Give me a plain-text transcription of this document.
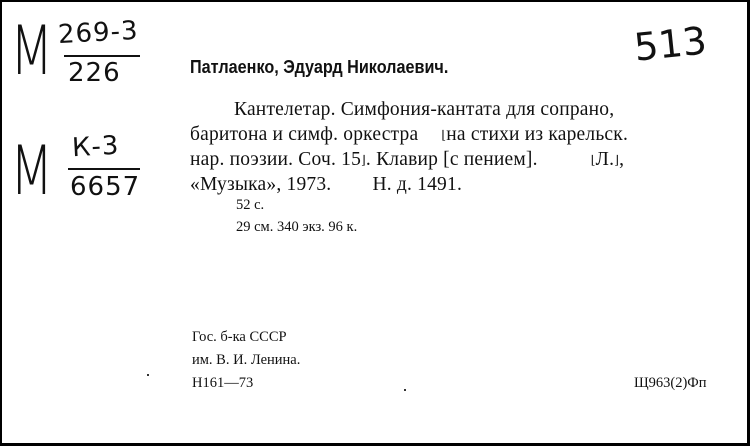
М 269-3
226
М К-3
6657
513
Патлаенко, Эдуард Николаевич.
Кантелетар. Симфония-кантата для сопрано,
баритона и симф. оркестра ⌊на стихи из карельск.
нар. поэзии. Соч. 15⌋. Клавир [с пением].	⌊Л.⌋,
«Музыка», 1973. Н. д. 1491.
52 с.
29 см. 340 экз. 96 к.
Гос. б-ка СССР
им. В. И. Ленина.
Н161—73	Щ963(2)Фп
